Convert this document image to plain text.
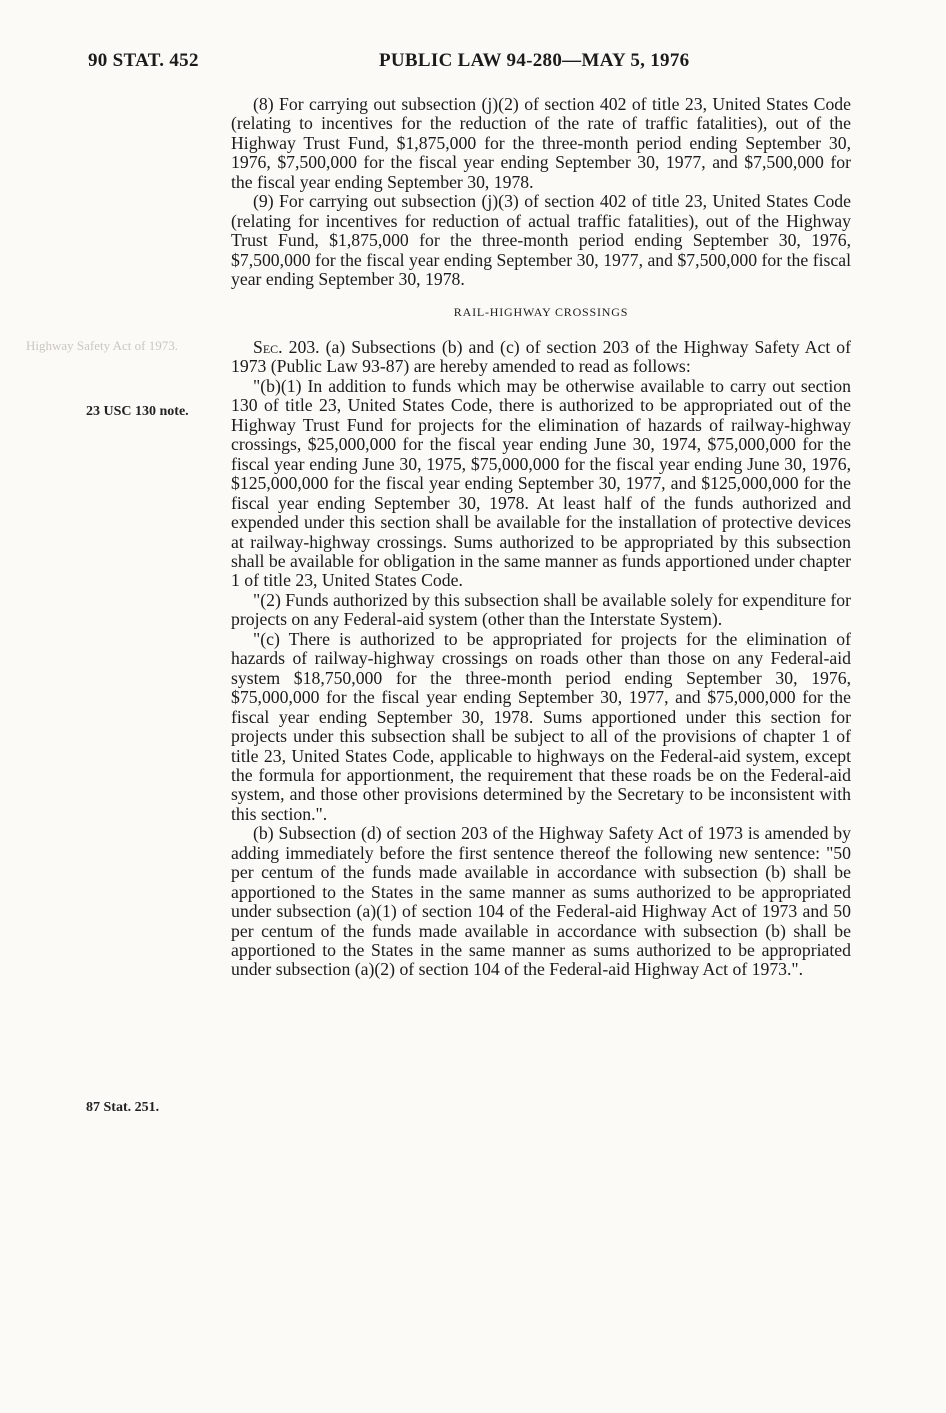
90 STAT. 452	PUBLIC LAW 94-280—MAY 5, 1976
Highway Safety Act of 1973.
23 USC 130 note.
87 Stat. 251.

(8) For carrying out subsection (j)(2) of section 402 of title 23, United States Code (relating to incentives for the reduction of the rate of traffic fatalities), out of the Highway Trust Fund, $1,875,000 for the three-month period ending September 30, 1976, $7,500,000 for the fiscal year ending September 30, 1977, and $7,500,000 for the fiscal year ending September 30, 1978.

(9) For carrying out subsection (j)(3) of section 402 of title 23, United States Code (relating for incentives for reduction of actual traffic fatalities), out of the Highway Trust Fund, $1,875,000 for the three-month period ending September 30, 1976, $7,500,000 for the fiscal year ending September 30, 1977, and $7,500,000 for the fiscal year ending September 30, 1978.

RAIL-HIGHWAY CROSSINGS

Sec. 203. (a) Subsections (b) and (c) of section 203 of the Highway Safety Act of 1973 (Public Law 93-87) are hereby amended to read as follows:

"(b)(1) In addition to funds which may be otherwise available to carry out section 130 of title 23, United States Code, there is authorized to be appropriated out of the Highway Trust Fund for projects for the elimination of hazards of railway-highway crossings, $25,000,000 for the fiscal year ending June 30, 1974, $75,000,000 for the fiscal year ending June 30, 1975, $75,000,000 for the fiscal year ending June 30, 1976, $125,000,000 for the fiscal year ending September 30, 1977, and $125,000,000 for the fiscal year ending September 30, 1978. At least half of the funds authorized and expended under this section shall be available for the installation of protective devices at railway-highway crossings. Sums authorized to be appropriated by this subsection shall be available for obligation in the same manner as funds apportioned under chapter 1 of title 23, United States Code.

"(2) Funds authorized by this subsection shall be available solely for expenditure for projects on any Federal-aid system (other than the Interstate System).

"(c) There is authorized to be appropriated for projects for the elimination of hazards of railway-highway crossings on roads other than those on any Federal-aid system $18,750,000 for the three-month period ending September 30, 1976, $75,000,000 for the fiscal year ending September 30, 1977, and $75,000,000 for the fiscal year ending September 30, 1978. Sums apportioned under this section for projects under this subsection shall be subject to all of the provisions of chapter 1 of title 23, United States Code, applicable to highways on the Federal-aid system, except the formula for apportionment, the requirement that these roads be on the Federal-aid system, and those other provisions determined by the Secretary to be inconsistent with this section.".

(b) Subsection (d) of section 203 of the Highway Safety Act of 1973 is amended by adding immediately before the first sentence thereof the following new sentence: "50 per centum of the funds made available in accordance with subsection (b) shall be apportioned to the States in the same manner as sums authorized to be appropriated under subsection (a)(1) of section 104 of the Federal-aid Highway Act of 1973 and 50 per centum of the funds made available in accordance with subsection (b) shall be apportioned to the States in the same manner as sums authorized to be appropriated under subsection (a)(2) of section 104 of the Federal-aid Highway Act of 1973.".
